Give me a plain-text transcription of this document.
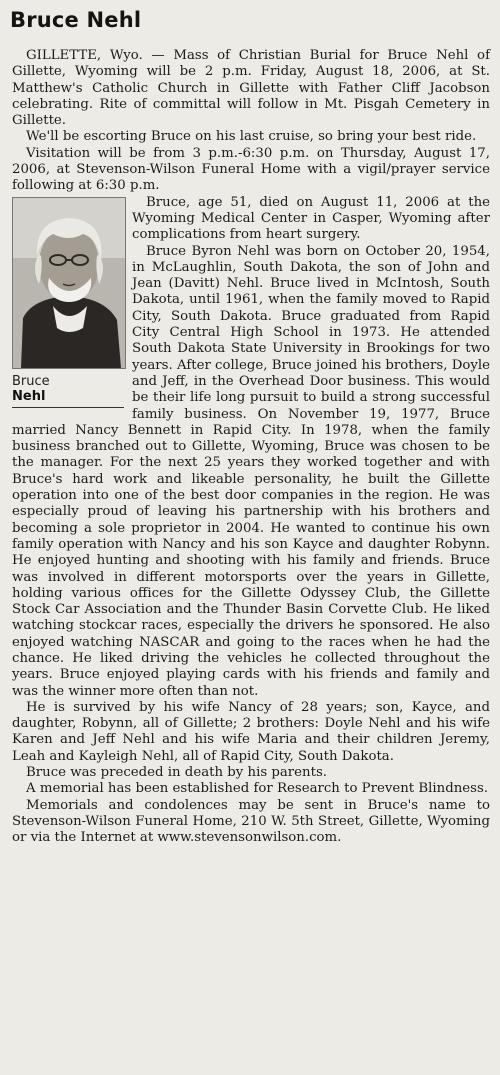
Bruce Nehl

GILLETTE, Wyo. — Mass of Christian Burial for Bruce Nehl of Gillette, Wyoming will be 2 p.m. Friday, August 18, 2006, at St. Matthew's Catholic Church in Gillette with Father Cliff Jacobson celebrating. Rite of committal will follow in Mt. Pisgah Cemetery in Gillette.

We'll be escorting Bruce on his last cruise, so bring your best ride.

Visitation will be from 3 p.m.-6:30 p.m. on Thursday, August 17, 2006, at Stevenson-Wilson Funeral Home with a vigil/prayer service following at 6:30 p.m.

Bruce
Nehl

Bruce, age 51, died on August 11, 2006 at the Wyoming Medical Center in Casper, Wyoming after complications from heart surgery.

Bruce Byron Nehl was born on October 20, 1954, in McLaughlin, South Dakota, the son of John and Jean (Davitt) Nehl. Bruce lived in McIntosh, South Dakota, until 1961, when the family moved to Rapid City, South Dakota. Bruce graduated from Rapid City Central High School in 1973. He attended South Dakota State University in Brookings for two years. After college, Bruce joined his brothers, Doyle and Jeff, in the Overhead Door business. This would be their life long pursuit to build a strong successful family business. On November 19, 1977, Bruce married Nancy Bennett in Rapid City. In 1978, when the family business branched out to Gillette, Wyoming, Bruce was chosen to be the manager. For the next 25 years they worked together and with Bruce's hard work and likeable personality, he built the Gillette operation into one of the best door companies in the region. He was especially proud of leaving his partnership with his brothers and becoming a sole proprietor in 2004. He wanted to continue his own family operation with Nancy and his son Kayce and daughter Robynn. He enjoyed hunting and shooting with his family and friends. Bruce was involved in different motorsports over the years in Gillette, holding various offices for the Gillette Odyssey Club, the Gillette Stock Car Association and the Thunder Basin Corvette Club. He liked watching stockcar races, especially the drivers he sponsored. He also enjoyed watching NASCAR and going to the races when he had the chance. He liked driving the vehicles he collected throughout the years. Bruce enjoyed playing cards with his friends and family and was the winner more often than not.

He is survived by his wife Nancy of 28 years; son, Kayce, and daughter, Robynn, all of Gillette; 2 brothers: Doyle Nehl and his wife Karen and Jeff Nehl and his wife Maria and their children Jeremy, Leah and Kayleigh Nehl, all of Rapid City, South Dakota.

Bruce was preceded in death by his parents.

A memorial has been established for Research to Prevent Blindness.

Memorials and condolences may be sent in Bruce's name to Stevenson-Wilson Funeral Home, 210 W. 5th Street, Gillette, Wyoming or via the Internet at www.stevensonwilson.com.
